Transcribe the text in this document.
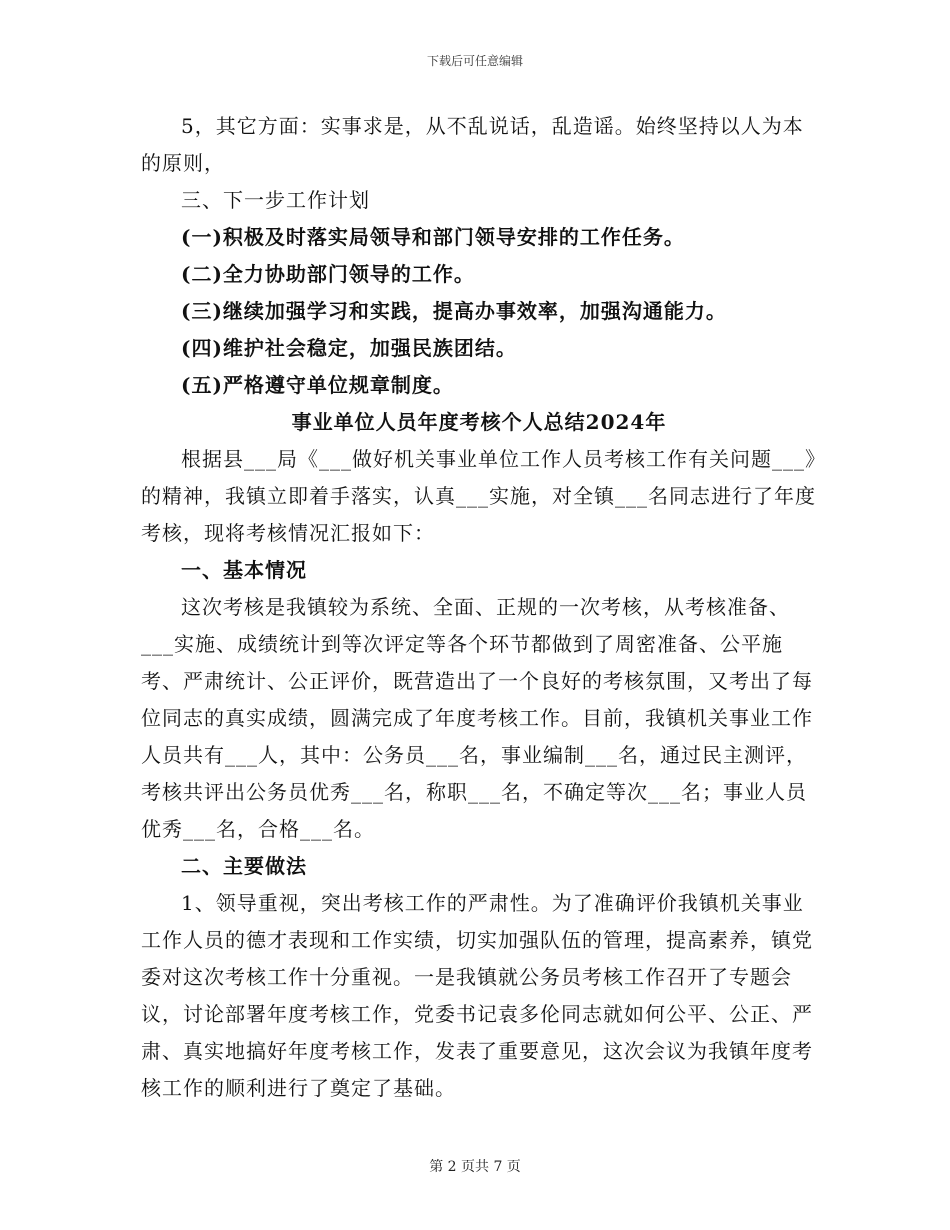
下载后可任意编辑

5，其它方面：实事求是，从不乱说话，乱造谣。始终坚持以人为本的原则，

三、下一步工作计划

(一)积极及时落实局领导和部门领导安排的工作任务。

(二)全力协助部门领导的工作。

(三)继续加强学习和实践，提高办事效率，加强沟通能力。

(四)维护社会稳定，加强民族团结。

(五)严格遵守单位规章制度。

事业单位人员年度考核个人总结2024年

根据县___局《___做好机关事业单位工作人员考核工作有关问题___》的精神，我镇立即着手落实，认真___实施，对全镇___名同志进行了年度考核，现将考核情况汇报如下：

一、基本情况

这次考核是我镇较为系统、全面、正规的一次考核，从考核准备、___实施、成绩统计到等次评定等各个环节都做到了周密准备、公平施考、严肃统计、公正评价，既营造出了一个良好的考核氛围，又考出了每位同志的真实成绩，圆满完成了年度考核工作。目前，我镇机关事业工作人员共有___人，其中：公务员___名，事业编制___名，通过民主测评，考核共评出公务员优秀___名，称职___名，不确定等次___名；事业人员优秀___名，合格___名。

二、主要做法

1、领导重视，突出考核工作的严肃性。为了准确评价我镇机关事业工作人员的德才表现和工作实绩，切实加强队伍的管理，提高素养，镇党委对这次考核工作十分重视。一是我镇就公务员考核工作召开了专题会议，讨论部署年度考核工作，党委书记袁多伦同志就如何公平、公正、严肃、真实地搞好年度考核工作，发表了重要意见，这次会议为我镇年度考核工作的顺利进行了奠定了基础。

第 2 页共 7 页
